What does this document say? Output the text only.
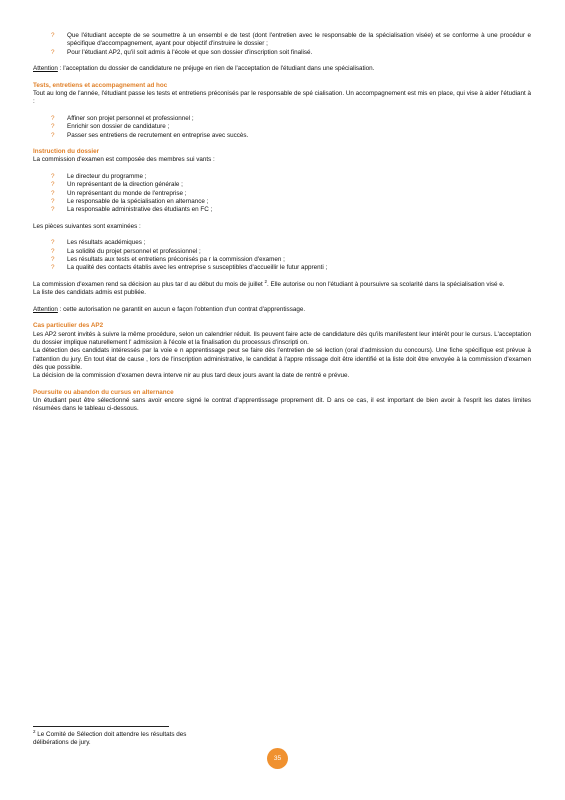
? Que l'étudiant accepte de se soumettre à un ensembl e de test (dont l'entretien avec le responsable de la spécialisation visée) et se conforme à une procédur e spécifique d'accompagnement, ayant pour objectif d'instruire le dossier ;
? Pour l'étudiant AP2, qu'il soit admis à l'école et que son dossier d'inscription soit finalisé.

Attention : l'acceptation du dossier de candidature ne préjuge en rien de l'acceptation de l'étudiant dans une spécialisation.

Tests, entretiens et accompagnement ad hoc

Tout au long de l'année, l'étudiant passe les tests et entretiens préconisés par le responsable de spé cialisation. Un accompagnement est mis en place, qui vise à aider l'étudiant à :

? Affiner son projet personnel et professionnel ;
? Enrichir son dossier de candidature ;
? Passer ses entretiens de recrutement en entreprise avec succès.

Instruction du dossier

La commission d'examen est composée des membres sui vants :

? Le directeur du programme ;
? Un représentant de la direction générale ;
? Un représentant du monde de l'entreprise ;
? Le responsable de la spécialisation en alternance ;
? La responsable administrative des étudiants en FC ;

Les pièces suivantes sont examinées :

? Les résultats académiques ;
? La solidité du projet personnel et professionnel ;
? Les résultats aux tests et entretiens préconisés pa r la commission d'examen ;
? La qualité des contacts établis avec les entreprise s susceptibles d'accueillir le futur apprenti ;

La commission d'examen rend sa décision au plus tar d au début du mois de juillet $^2$. Elle autorise ou non l'étudiant à poursuivre sa scolarité dans la spécialisation visé e.

La liste des candidats admis est publiée.

Attention : cette autorisation ne garantit en aucun e façon l'obtention d'un contrat d'apprentissage.

Cas particulier des AP2

Les AP2 seront invités à suivre la même procédure, selon un calendrier réduit. Ils peuvent faire acte de candidature dès qu'ils manifestent leur intérêt pour le cursus. L'acceptation du dossier implique naturellement l' admission à l'école et la finalisation du processus d'inscripti on.

La détection des candidats intéressés par la voie e n apprentissage peut se faire dès l'entretien de sé lection (oral d'admission du concours). Une fiche spécifique est prévue à l'attention du jury. En tout état de cause , lors de l'inscription administrative, le candidat à l'appre ntissage doit être identifié et la liste doit être envoyée à la commission d'examen dès que possible.

La décision de la commission d'examen devra interve nir au plus tard deux jours avant la date de rentré e prévue.

Poursuite ou abandon du cursus en alternance

Un étudiant peut être sélectionné sans avoir encore signé le contrat d'apprentissage proprement dit. D ans ce cas, il est important de bien avoir à l'esprit les dates limites résumées dans le tableau ci-dessous.

$^2$ Le Comité de Sélection doit attendre les résultats des délibérations de jury.

35
